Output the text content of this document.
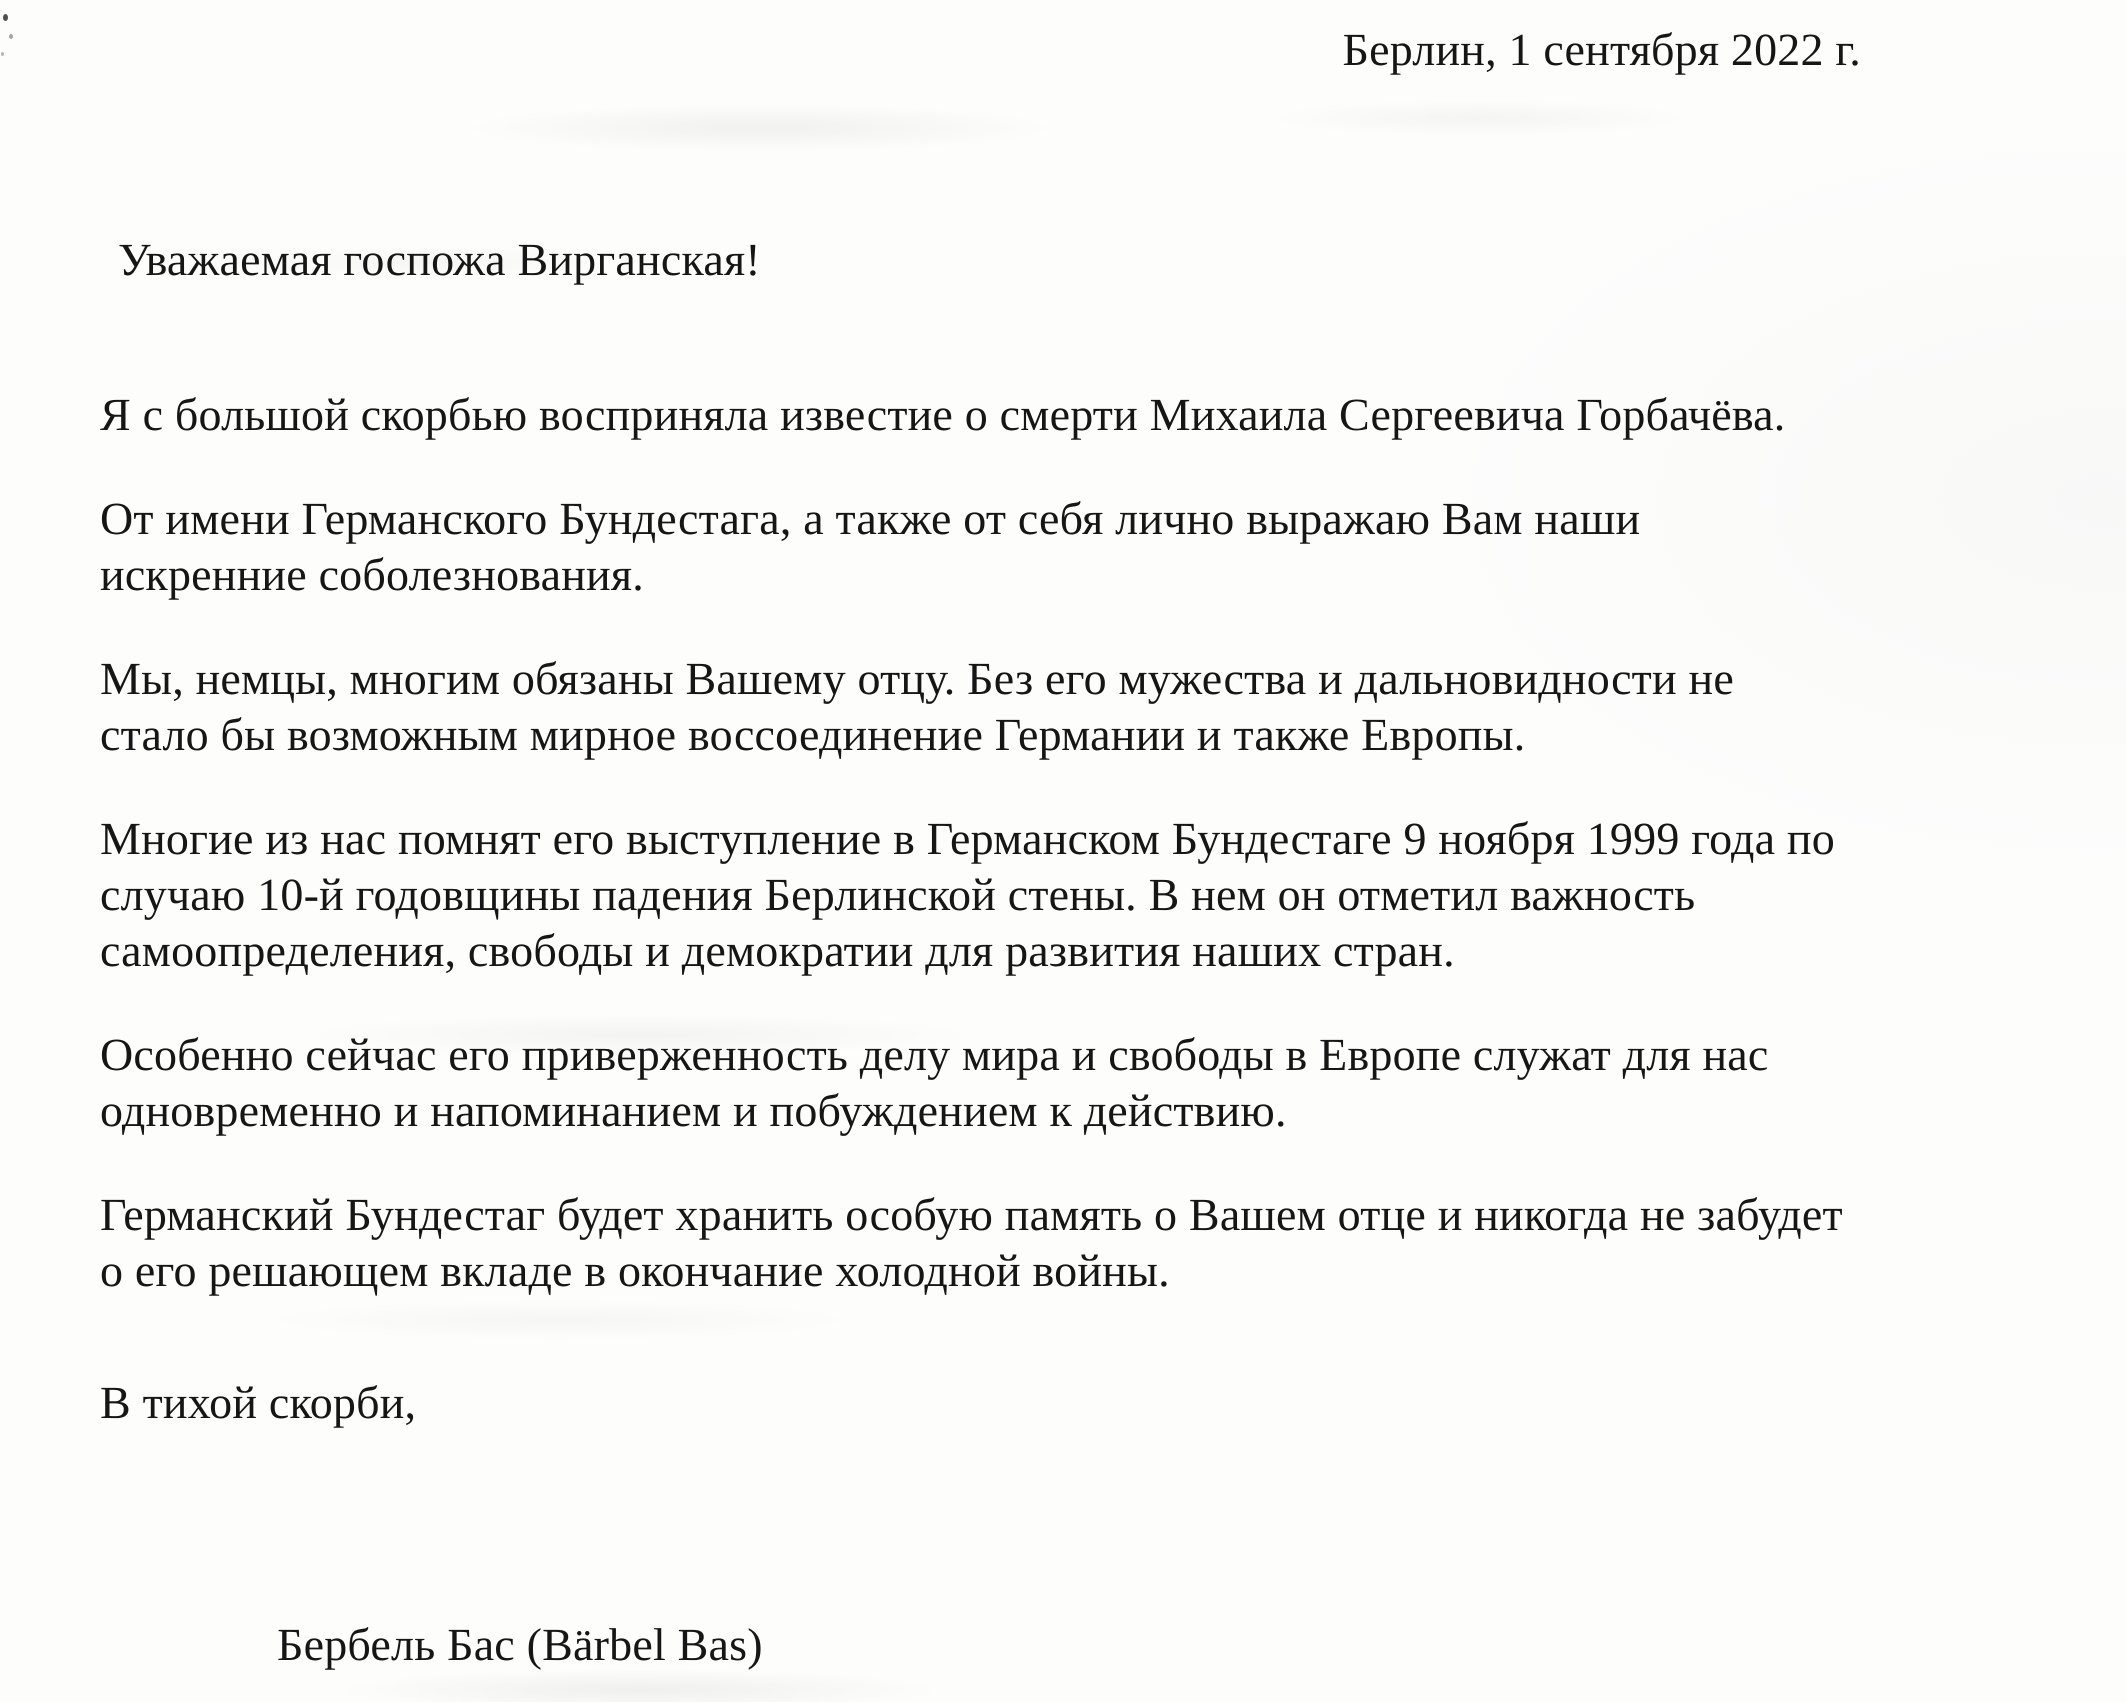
Берлин, 1 сентября 2022 г.
Уважаемая госпожа Вирганская!
Я с большой скорбью восприняла известие о смерти Михаила Сергеевича Горбачёва.
От имени Германского Бундестага, а также от себя лично выражаю Вам наши
искренние соболезнования.
Мы, немцы, многим обязаны Вашему отцу. Без его мужества и дальновидности не
стало бы возможным мирное воссоединение Германии и также Европы.
Многие из нас помнят его выступление в Германском Бундестаге 9 ноября 1999 года по
случаю 10-й годовщины падения Берлинской стены. В нем он отметил важность
самоопределения, свободы и демократии для развития наших стран.
Особенно сейчас его приверженность делу мира и свободы в Европе служат для нас
одновременно и напоминанием и побуждением к действию.
Германский Бундестаг будет хранить особую память о Вашем отце и никогда не забудет
о его решающем вкладе в окончание холодной войны.
В тихой скорби,
Бербель Бас (Bärbel Bas)
